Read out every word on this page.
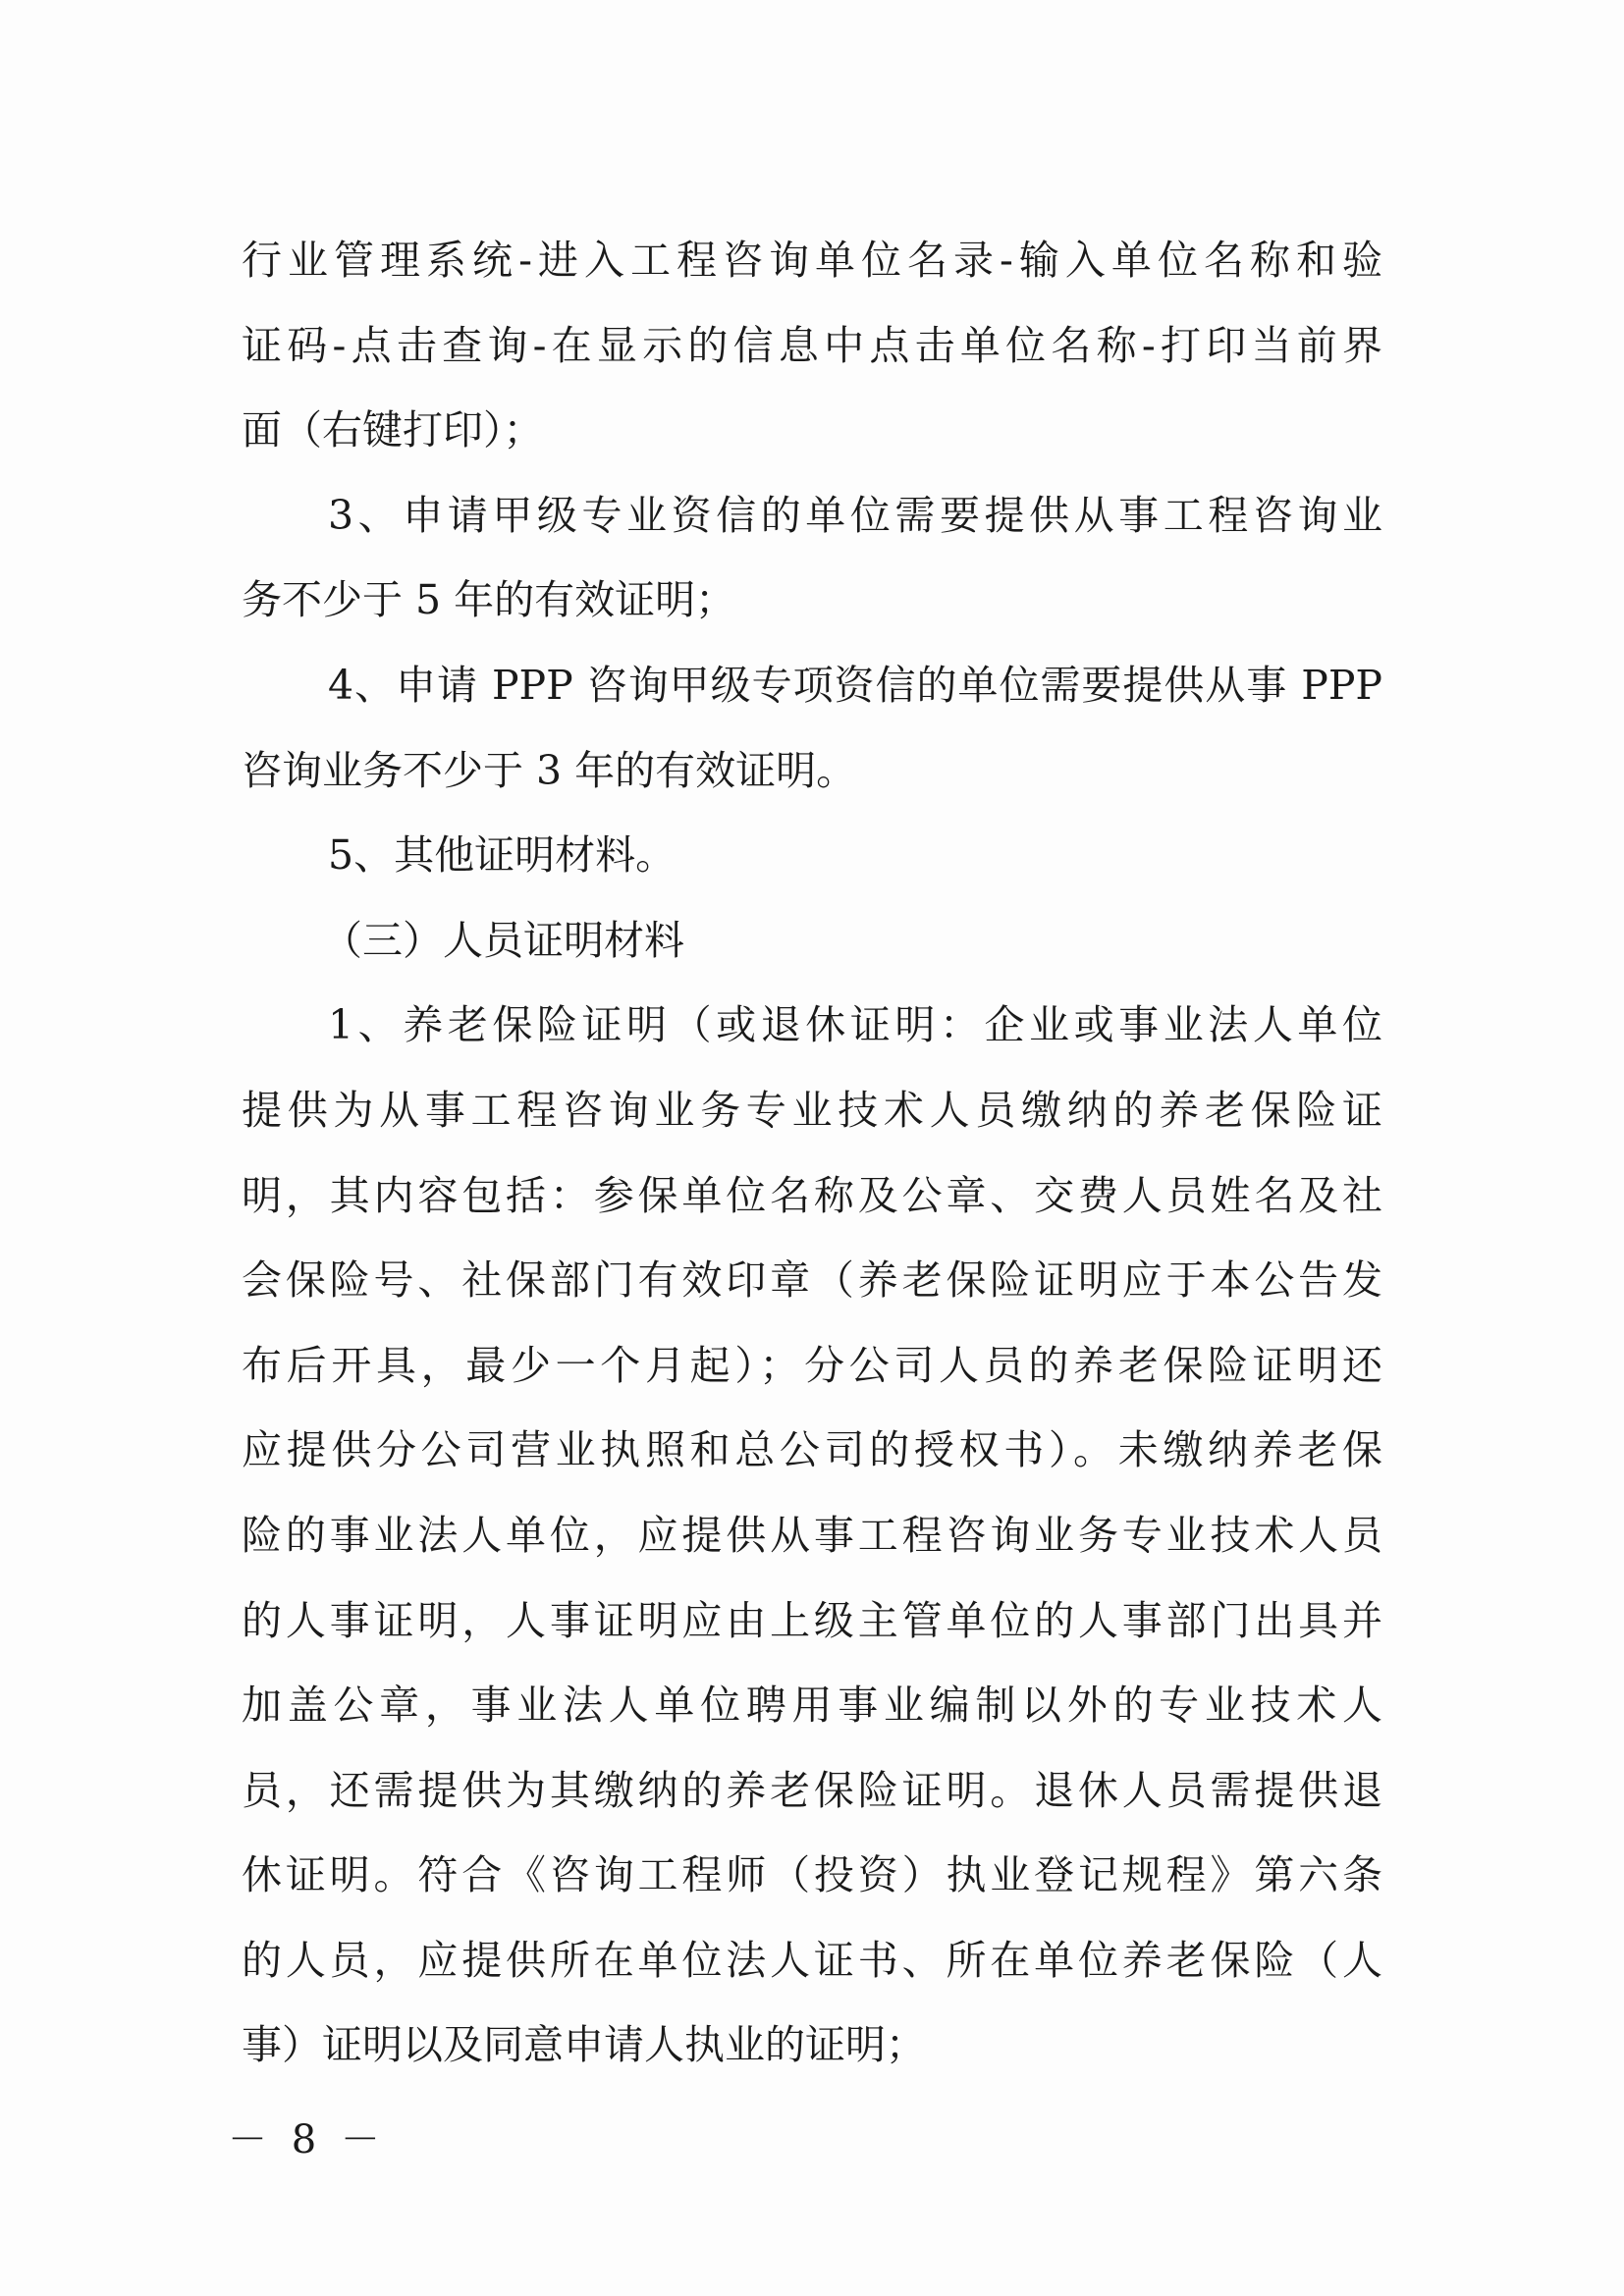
行业管理系统-进入工程咨询单位名录-输入单位名称和验
证码-点击查询-在显示的信息中点击单位名称-打印当前界
面（右键打印）；
3、申请甲级专业资信的单位需要提供从事工程咨询业
务不少于 5 年的有效证明；
4、申请 PPP 咨询甲级专项资信的单位需要提供从事 PPP
咨询业务不少于 3 年的有效证明。
5、其他证明材料。
（三）人员证明材料
1、养老保险证明（或退休证明：企业或事业法人单位
提供为从事工程咨询业务专业技术人员缴纳的养老保险证
明，其内容包括：参保单位名称及公章、交费人员姓名及社
会保险号、社保部门有效印章（养老保险证明应于本公告发
布后开具，最少一个月起）；分公司人员的养老保险证明还
应提供分公司营业执照和总公司的授权书）。未缴纳养老保
险的事业法人单位，应提供从事工程咨询业务专业技术人员
的人事证明，人事证明应由上级主管单位的人事部门出具并
加盖公章，事业法人单位聘用事业编制以外的专业技术人
员，还需提供为其缴纳的养老保险证明。退休人员需提供退
休证明。符合《咨询工程师（投资）执业登记规程》第六条
的人员，应提供所在单位法人证书、所在单位养老保险（人
事）证明以及同意申请人执业的证明；
－ 8 －
